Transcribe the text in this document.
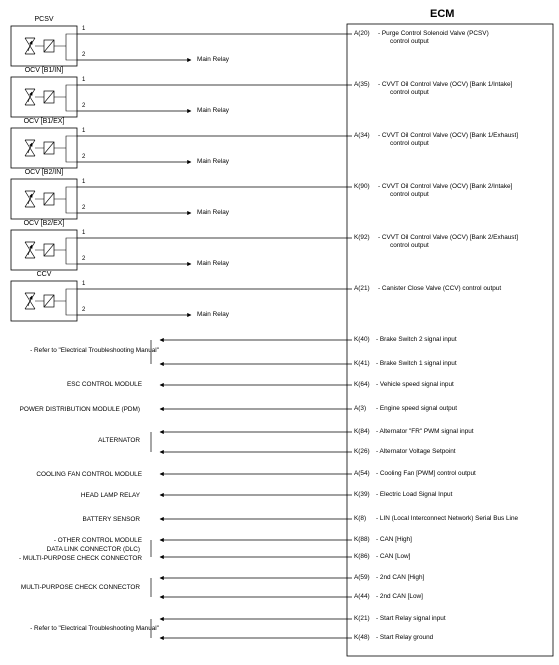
ECM
PCSV
1
2
Main Relay
A(20) - Purge Control Solenoid Valve (PCSV)
control output
OCV [B1/IN]
1
2
Main Relay
A(35) - CVVT Oil Control Valve (OCV) [Bank 1/Intake]
control output
OCV [B1/EX]
1
2
Main Relay
A(34) - CVVT Oil Control Valve (OCV) [Bank 1/Exhaust]
control output
OCV [B2/IN]
1
2
Main Relay
K(90) - CVVT Oil Control Valve (OCV) [Bank 2/Intake]
control output
OCV [B2/EX]
1
2
Main Relay
K(92) - CVVT Oil Control Valve (OCV) [Bank 2/Exhaust]
control output
CCV
1
2
Main Relay
A(21) - Canister Close Valve (CCV) control output
K(40) - Brake Switch 2 signal input
K(41) - Brake Switch 1 signal input
K(64) - Vehicle speed signal input
A(3) - Engine speed signal output
K(84) - Alternator "FR" PWM signal input
K(26) - Alternator Voltage Setpoint
A(54) - Cooling Fan [PWM] control output
K(39) - Electric Load Signal Input
K(8) - LIN (Local Interconnect Network) Serial Bus Line
K(88) - CAN [High]
K(86) - CAN [Low]
A(59) - 2nd CAN [High]
A(44) - 2nd CAN [Low]
K(21) - Start Relay signal input
K(48) - Start Relay ground
- Refer to "Electrical Troubleshooting Manual"
ESC CONTROL MODULE
POWER DISTRIBUTION MODULE (PDM)
ALTERNATOR
COOLING FAN CONTROL MODULE
HEAD LAMP RELAY
BATTERY SENSOR
- OTHER CONTROL MODULE
DATA LINK CONNECTOR (DLC)
- MULTI-PURPOSE CHECK CONNECTOR
MULTI-PURPOSE CHECK CONNECTOR
- Refer to "Electrical Troubleshooting Manual"
